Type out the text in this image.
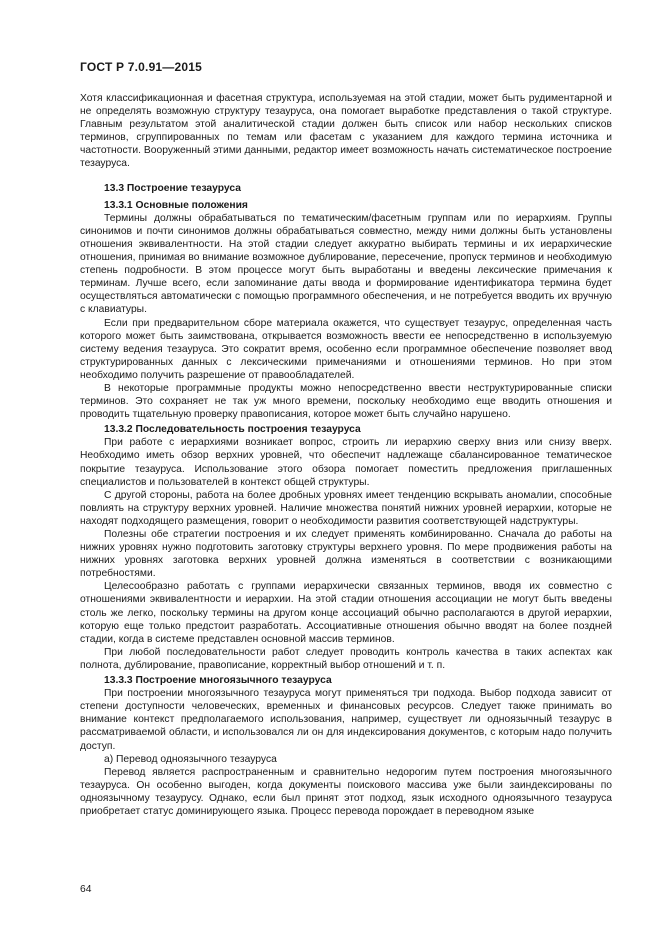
ГОСТ Р 7.0.91—2015

Хотя классификационная и фасетная структура, используемая на этой стадии, может быть рудиментарной и не определять возможную структуру тезауруса, она помогает выработке представления о такой структуре. Главным результатом этой аналитической стадии должен быть список или набор нескольких списков терминов, сгруппированных по темам или фасетам с указанием для каждого термина источника и частотности. Вооруженный этими данными, редактор имеет возможность начать систематическое построение тезауруса.

13.3 Построение тезауруса
13.3.1 Основные положения

Термины должны обрабатываться по тематическим/фасетным группам или по иерархиям. Группы синонимов и почти синонимов должны обрабатываться совместно, между ними должны быть установлены отношения эквивалентности. На этой стадии следует аккуратно выбирать термины и их иерархические отношения, принимая во внимание возможное дублирование, пересечение, пропуск терминов и необходимую степень подробности. В этом процессе могут быть выработаны и введены лексические примечания к терминам. Лучше всего, если запоминание даты ввода и формирование идентификатора термина будет осуществляться автоматически с помощью программного обеспечения, и не потребуется вводить их вручную с клавиатуры.

Если при предварительном сборе материала окажется, что существует тезаурус, определенная часть которого может быть заимствована, открывается возможность ввести ее непосредственно в используемую систему ведения тезауруса. Это сократит время, особенно если программное обеспечение позволяет ввод структурированных данных с лексическими примечаниями и отношениями терминов. Но при этом необходимо получить разрешение от правообладателей.

В некоторые программные продукты можно непосредственно ввести неструктурированные списки терминов. Это сохраняет не так уж много времени, поскольку необходимо еще вводить отношения и проводить тщательную проверку правописания, которое может быть случайно нарушено.

13.3.2 Последовательность построения тезауруса

При работе с иерархиями возникает вопрос, строить ли иерархию сверху вниз или снизу вверх. Необходимо иметь обзор верхних уровней, что обеспечит надлежаще сбалансированное тематическое покрытие тезауруса. Использование этого обзора помогает поместить предложения приглашенных специалистов и пользователей в контекст общей структуры.

С другой стороны, работа на более дробных уровнях имеет тенденцию вскрывать аномалии, способные повлиять на структуру верхних уровней. Наличие множества понятий нижних уровней иерархии, которые не находят подходящего размещения, говорит о необходимости развития соответствующей надструктуры.

Полезны обе стратегии построения и их следует применять комбинированно. Сначала до работы на нижних уровнях нужно подготовить заготовку структуры верхнего уровня. По мере продвижения работы на нижних уровнях заготовка верхних уровней должна изменяться в соответствии с возникающими потребностями.

Целесообразно работать с группами иерархически связанных терминов, вводя их совместно с отношениями эквивалентности и иерархии. На этой стадии отношения ассоциации не могут быть введены столь же легко, поскольку термины на другом конце ассоциаций обычно располагаются в другой иерархии, которую еще только предстоит разработать. Ассоциативные отношения обычно вводят на более поздней стадии, когда в системе представлен основной массив терминов.

При любой последовательности работ следует проводить контроль качества в таких аспектах как полнота, дублирование, правописание, корректный выбор отношений и т. п.

13.3.3 Построение многоязычного тезауруса

При построении многоязычного тезауруса могут применяться три подхода. Выбор подхода зависит от степени доступности человеческих, временных и финансовых ресурсов. Следует также принимать во внимание контекст предполагаемого использования, например, существует ли одноязычный тезаурус в рассматриваемой области, и использовался ли он для индексирования документов, с которым надо получить доступ.

а) Перевод одноязычного тезауруса

Перевод является распространенным и сравнительно недорогим путем построения многоязычного тезауруса. Он особенно выгоден, когда документы поискового массива уже были заиндексированы по одноязычному тезаурусу. Однако, если был принят этот подход, язык исходного одноязычного тезауруса приобретает статус доминирующего языка. Процесс перевода порождает в переводном языке

64
